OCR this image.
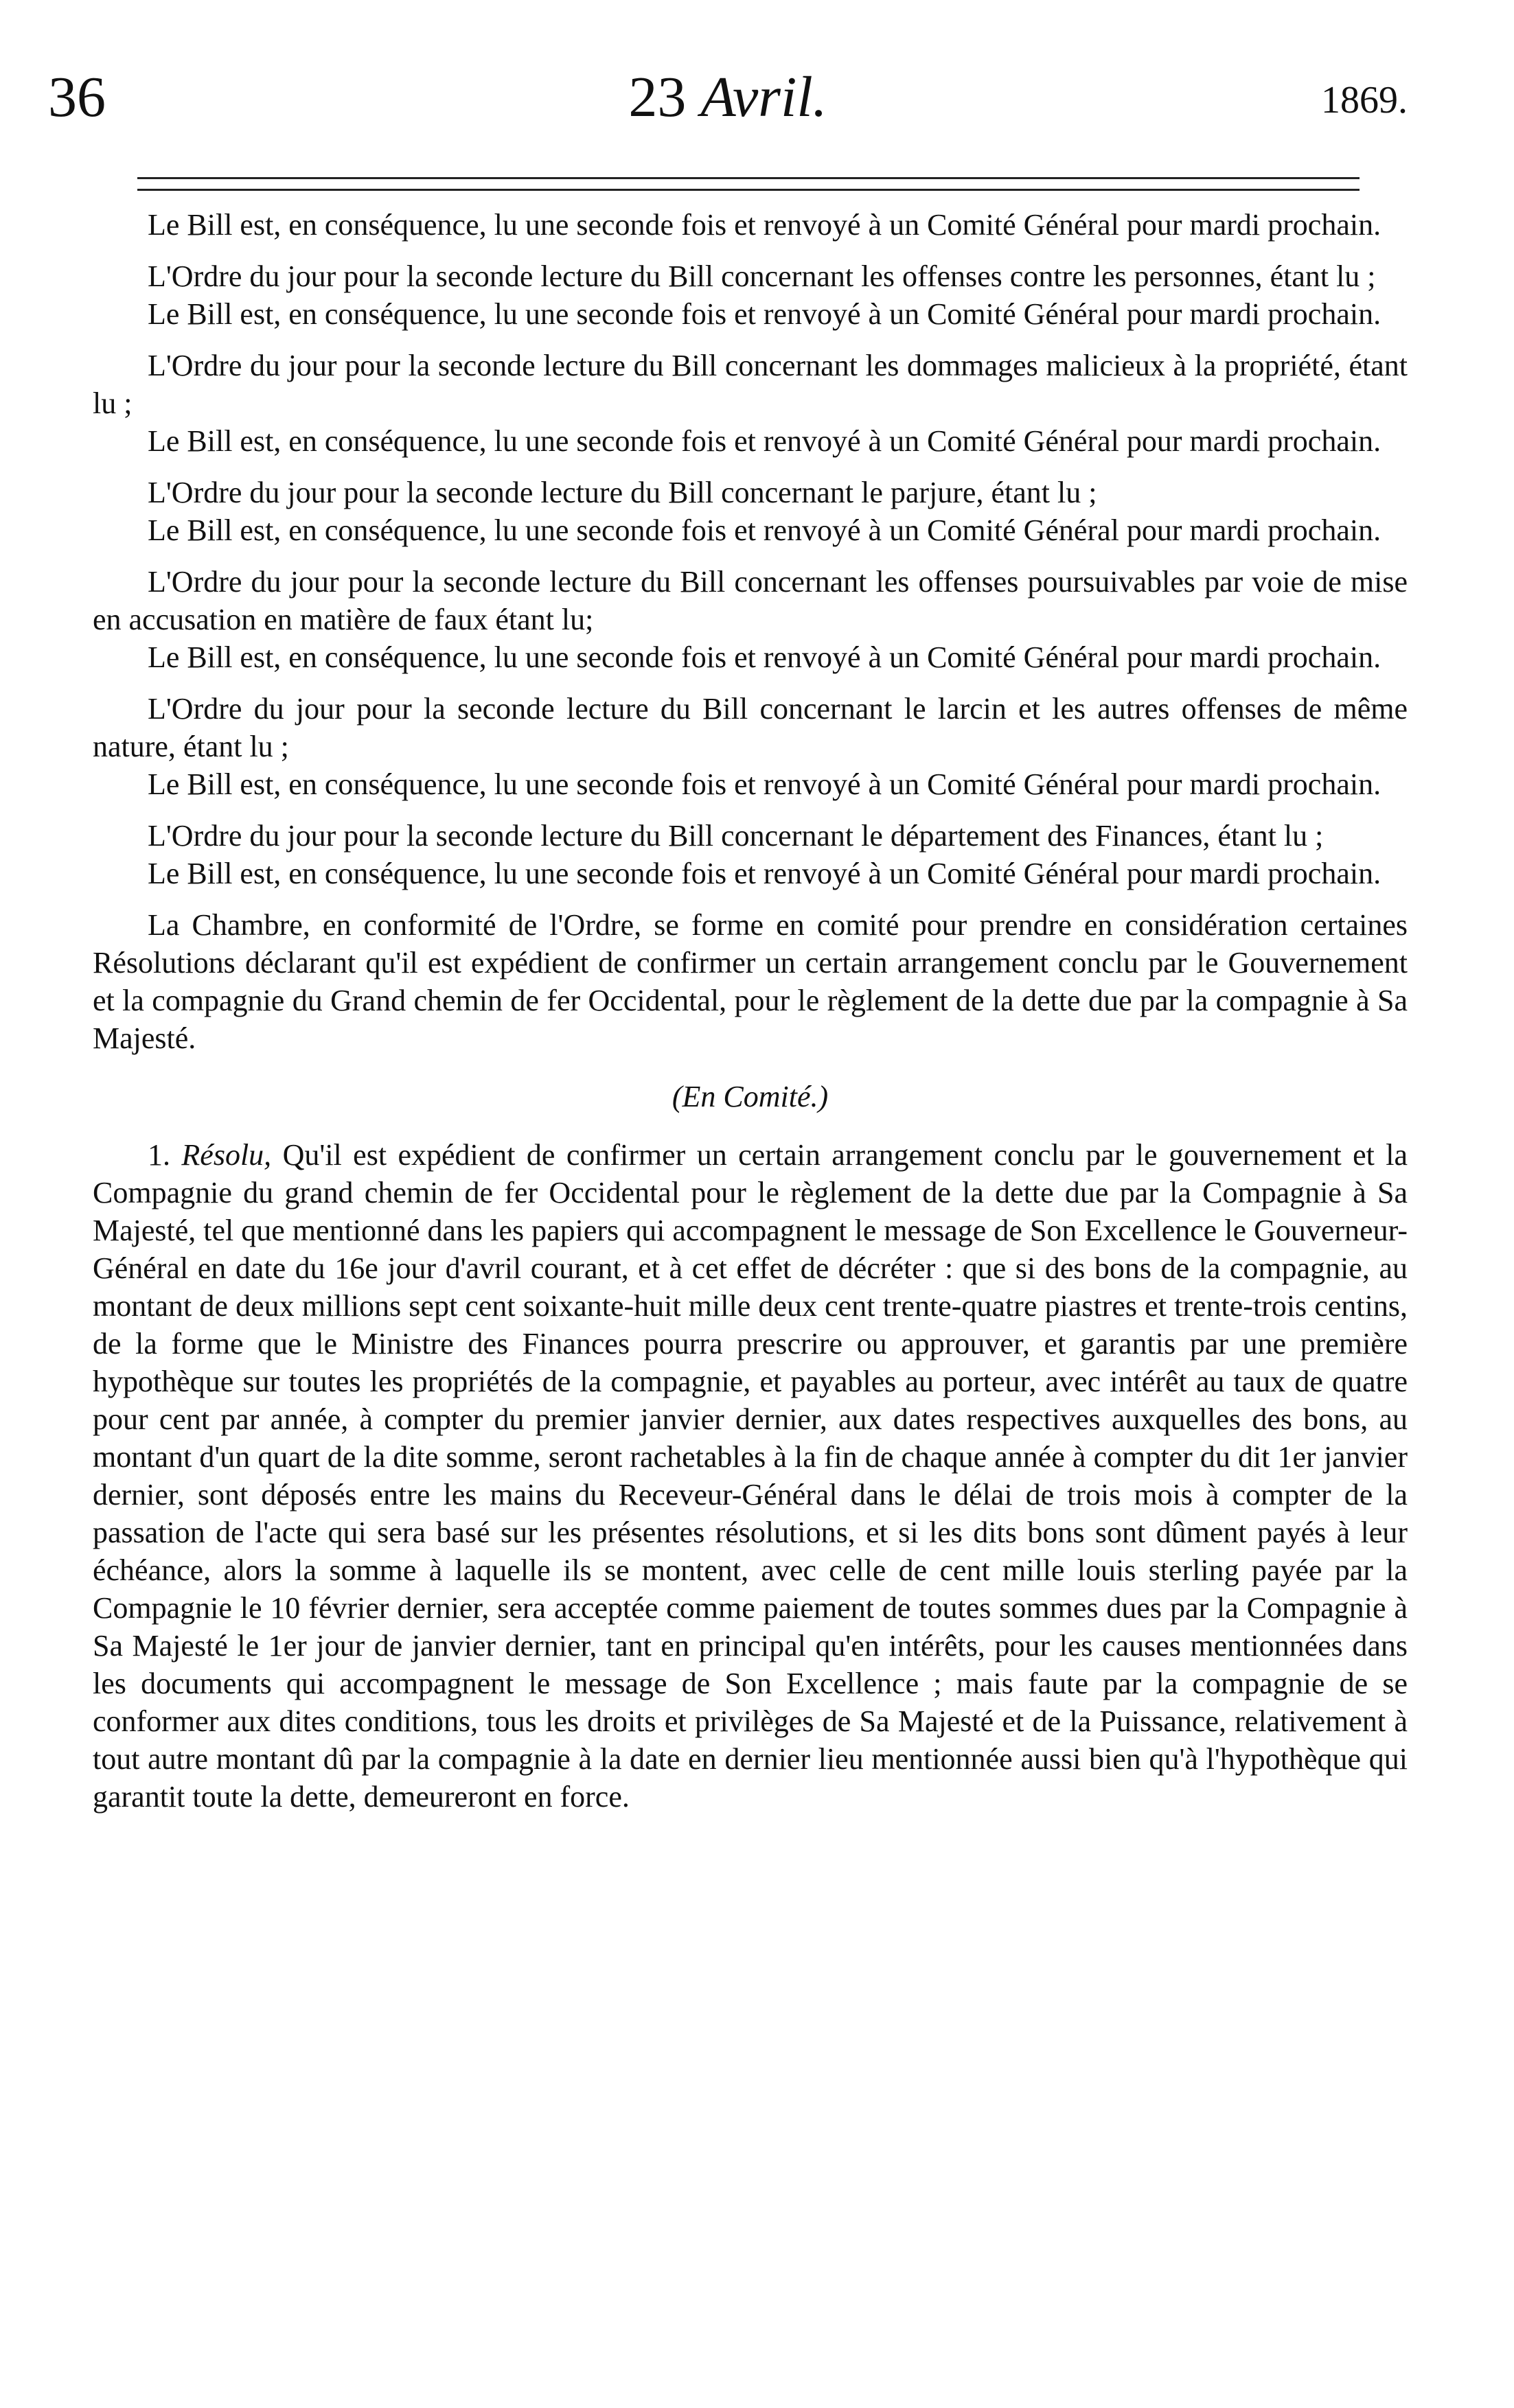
36	23 Avril.	1869.

Le Bill est, en conséquence, lu une seconde fois et renvoyé à un Comité Général pour mardi prochain.

L'Ordre du jour pour la seconde lecture du Bill concernant les offenses contre les personnes, étant lu ;

Le Bill est, en conséquence, lu une seconde fois et renvoyé à un Comité Général pour mardi prochain.

L'Ordre du jour pour la seconde lecture du Bill concernant les dommages malicieux à la propriété, étant lu ;

Le Bill est, en conséquence, lu une seconde fois et renvoyé à un Comité Général pour mardi prochain.

L'Ordre du jour pour la seconde lecture du Bill concernant le parjure, étant lu ;

Le Bill est, en conséquence, lu une seconde fois et renvoyé à un Comité Général pour mardi prochain.

L'Ordre du jour pour la seconde lecture du Bill concernant les offenses poursuivables par voie de mise en accusation en matière de faux étant lu;

Le Bill est, en conséquence, lu une seconde fois et renvoyé à un Comité Général pour mardi prochain.

L'Ordre du jour pour la seconde lecture du Bill concernant le larcin et les autres offenses de même nature, étant lu ;

Le Bill est, en conséquence, lu une seconde fois et renvoyé à un Comité Général pour mardi prochain.

L'Ordre du jour pour la seconde lecture du Bill concernant le département des Finances, étant lu ;

Le Bill est, en conséquence, lu une seconde fois et renvoyé à un Comité Général pour mardi prochain.

La Chambre, en conformité de l'Ordre, se forme en comité pour prendre en considération certaines Résolutions déclarant qu'il est expédient de confirmer un certain arrangement conclu par le Gouvernement et la compagnie du Grand chemin de fer Occidental, pour le règlement de la dette due par la compagnie à Sa Majesté.

(En Comité.)

1. Résolu, Qu'il est expédient de confirmer un certain arrangement conclu par le gouvernement et la Compagnie du grand chemin de fer Occidental pour le règlement de la dette due par la Compagnie à Sa Majesté, tel que mentionné dans les papiers qui accompagnent le message de Son Excellence le Gouverneur-Général en date du 16e jour d'avril courant, et à cet effet de décréter : que si des bons de la compagnie, au montant de deux millions sept cent soixante-huit mille deux cent trente-quatre piastres et trente-trois centins, de la forme que le Ministre des Finances pourra prescrire ou approuver, et garantis par une première hypothèque sur toutes les propriétés de la compagnie, et payables au porteur, avec intérêt au taux de quatre pour cent par année, à compter du premier janvier dernier, aux dates respectives auxquelles des bons, au montant d'un quart de la dite somme, seront rachetables à la fin de chaque année à compter du dit 1er janvier dernier, sont déposés entre les mains du Receveur-Général dans le délai de trois mois à compter de la passation de l'acte qui sera basé sur les présentes résolutions, et si les dits bons sont dûment payés à leur échéance, alors la somme à laquelle ils se montent, avec celle de cent mille louis sterling payée par la Compagnie le 10 février dernier, sera acceptée comme paiement de toutes sommes dues par la Compagnie à Sa Majesté le 1er jour de janvier dernier, tant en principal qu'en intérêts, pour les causes mentionnées dans les documents qui accompagnent le message de Son Excellence ; mais faute par la compagnie de se conformer aux dites conditions, tous les droits et privilèges de Sa Majesté et de la Puissance, relativement à tout autre montant dû par la compagnie à la date en dernier lieu mentionnée aussi bien qu'à l'hypothèque qui garantit toute la dette, demeureront en force.
